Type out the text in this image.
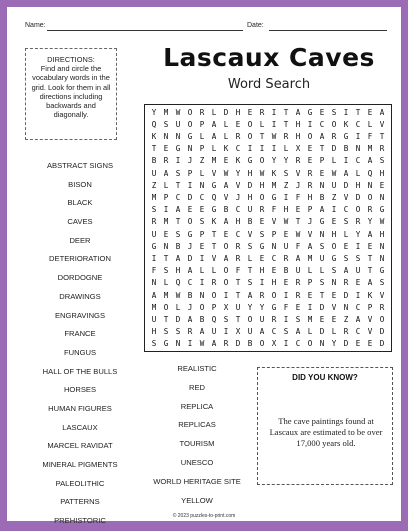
Name:	Date:
DIRECTIONS:
Find and circle the vocabulary words in the grid. Look for them in all directions including backwards and diagonally.
Lascaux Caves
Word Search
Y M W O R L D H E R I T A G E S I T E A
Q S U O P A L E O L I T H I C O K C L V
K N N G L A L R O T W R H O A R G I F T
T E G N P L K C I I I L X E T D B N M R
B R I J Z M E K G O Y Y R E P L I C A S
U A S P L V W Y H W K S V R E W A L Q H
Z L T I N G A V D H M Z J R N U D H N E
M P C D C Q V J H O G I F H B Z V D O N
S I A E E G B C U R F H E P A I C O R G
R M T O S K A H B E V W T J G E S R Y W
U E S G P T E C V S P E W V N H L Y A H
G N B J E T O R S G N U F A S O E I E N
I T A D I V A R L E C R A M U G S S T N
F S H A L L O F T H E B U L L S A U T G
N L Q C I R O T S I H E R P S N R E A S
A M W B N O I T A R O I R E T E D I K V
M O L J O P X U Y Y G F E I D V N C P R
U T D A B Q S T O U R I S M E E Z A V O
H S S R A U I X U A C S A L D L R C V D
S G N I W A R D B O X I C O N Y D E E D
ABSTRACT SIGNS
BISON
BLACK
CAVES
DEER
DETERIORATION
DORDOGNE
DRAWINGS
ENGRAVINGS
FRANCE
FUNGUS
HALL OF THE BULLS
HORSES
HUMAN FIGURES
LASCAUX
MARCEL RAVIDAT
MINERAL PIGMENTS
PALEOLITHIC
PATTERNS
PREHISTORIC
REALISTIC
RED
REPLICA
REPLICAS
TOURISM
UNESCO
WORLD HERITAGE SITE
YELLOW
DID YOU KNOW?
The cave paintings found at Lascaux are estimated to be over 17,000 years old.
© 2023 puzzles-to-print.com
